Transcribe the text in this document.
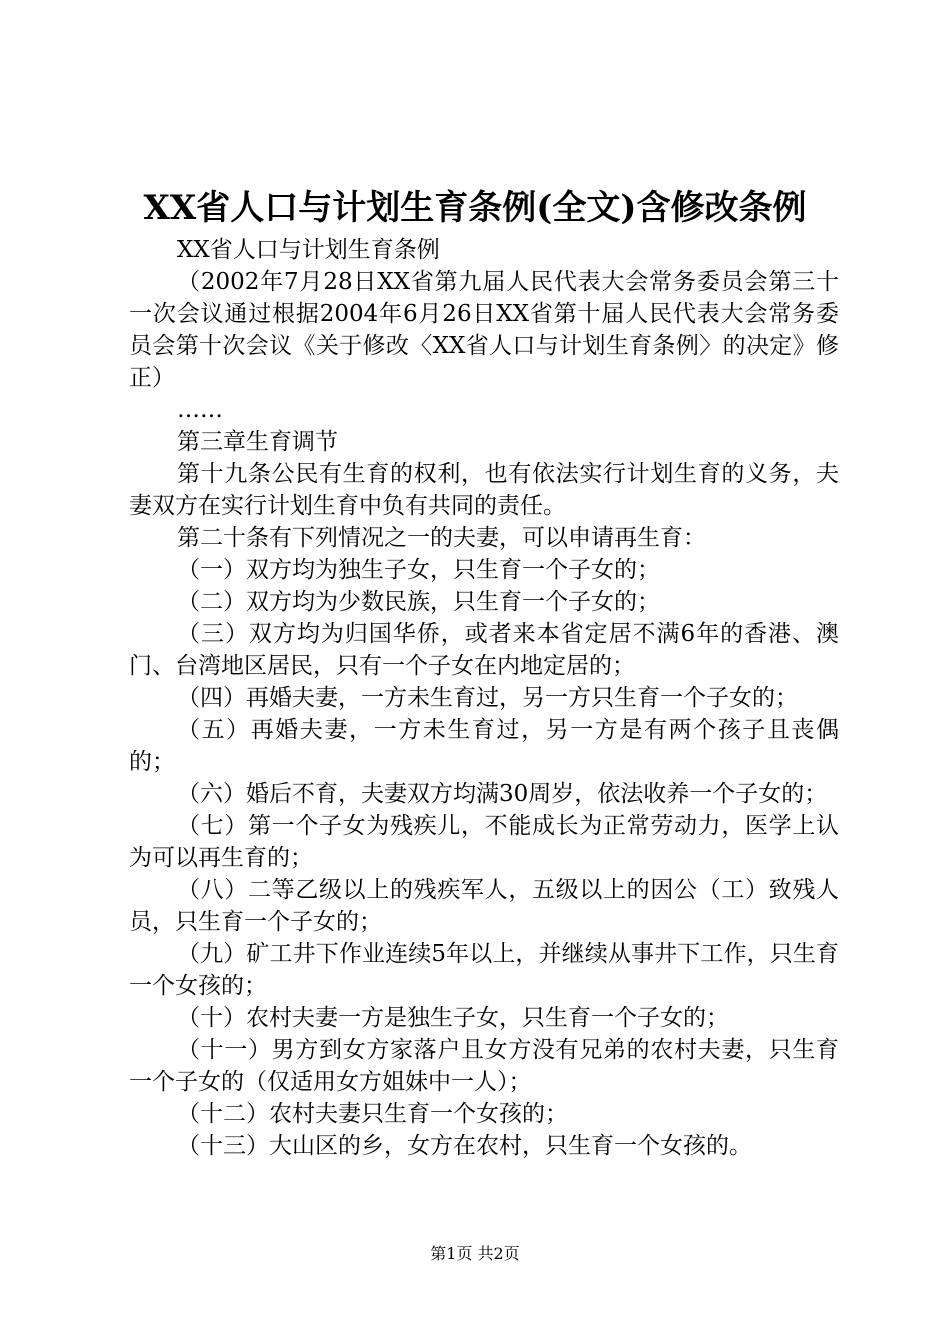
XX省人口与计划生育条例(全文)含修改条例

XX省人口与计划生育条例

（2002年7月28日XX省第九届人民代表大会常务委员会第三十一次会议通过根据2004年6月26日XX省第十届人民代表大会常务委员会第十次会议《关于修改〈XX省人口与计划生育条例〉的决定》修正）

……

第三章生育调节

第十九条公民有生育的权利，也有依法实行计划生育的义务，夫妻双方在实行计划生育中负有共同的责任。

第二十条有下列情况之一的夫妻，可以申请再生育：

（一）双方均为独生子女，只生育一个子女的；

（二）双方均为少数民族，只生育一个子女的；

（三）双方均为归国华侨，或者来本省定居不满6年的香港、澳门、台湾地区居民，只有一个子女在内地定居的；

（四）再婚夫妻，一方未生育过，另一方只生育一个子女的；

（五）再婚夫妻，一方未生育过，另一方是有两个孩子且丧偶的；

（六）婚后不育，夫妻双方均满30周岁，依法收养一个子女的；

（七）第一个子女为残疾儿，不能成长为正常劳动力，医学上认为可以再生育的；

（八）二等乙级以上的残疾军人，五级以上的因公（工）致残人员，只生育一个子女的；

（九）矿工井下作业连续5年以上，并继续从事井下工作，只生育一个女孩的；

（十）农村夫妻一方是独生子女，只生育一个子女的；

（十一）男方到女方家落户且女方没有兄弟的农村夫妻，只生育一个子女的（仅适用女方姐妹中一人）；

（十二）农村夫妻只生育一个女孩的；

（十三）大山区的乡，女方在农村，只生育一个女孩的。

第1页 共2页
